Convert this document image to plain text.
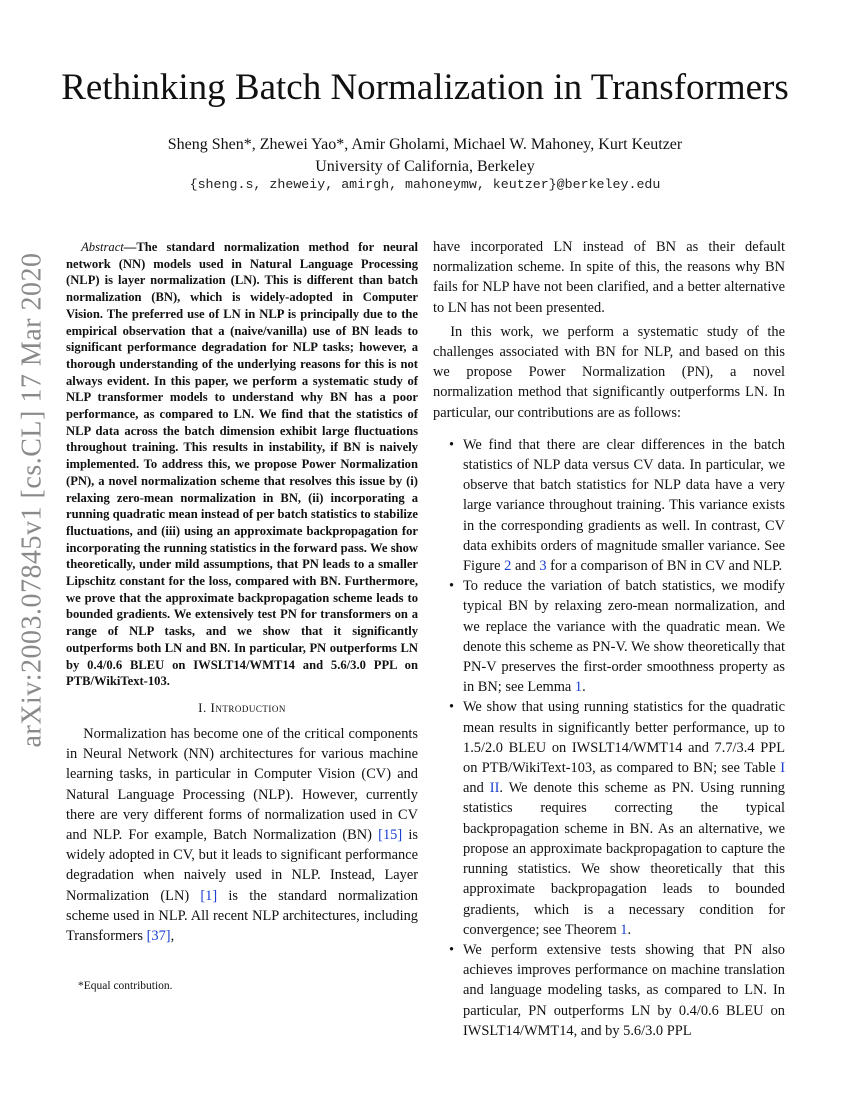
arXiv:2003.07845v1 [cs.CL] 17 Mar 2020
Rethinking Batch Normalization in Transformers
Sheng Shen*, Zhewei Yao*, Amir Gholami, Michael W. Mahoney, Kurt Keutzer
University of California, Berkeley
{sheng.s, zheweiy, amirgh, mahoneymw, keutzer}@berkeley.edu

Abstract—The standard normalization method for neural network (NN) models used in Natural Language Processing (NLP) is layer normalization (LN). This is different than batch normalization (BN), which is widely-adopted in Computer Vision. The preferred use of LN in NLP is principally due to the empirical observation that a (naive/vanilla) use of BN leads to significant performance degradation for NLP tasks; however, a thorough understanding of the underlying reasons for this is not always evident. In this paper, we perform a systematic study of NLP transformer models to understand why BN has a poor performance, as compared to LN. We find that the statistics of NLP data across the batch dimension exhibit large fluctuations throughout training. This results in instability, if BN is naively implemented. To address this, we propose Power Normalization (PN), a novel normalization scheme that resolves this issue by (i) relaxing zero-mean normalization in BN, (ii) incorporating a running quadratic mean instead of per batch statistics to stabilize fluctuations, and (iii) using an approximate backpropagation for incorporating the running statistics in the forward pass. We show theoretically, under mild assumptions, that PN leads to a smaller Lipschitz constant for the loss, compared with BN. Furthermore, we prove that the approximate backpropagation scheme leads to bounded gradients. We extensively test PN for transformers on a range of NLP tasks, and we show that it significantly outperforms both LN and BN. In particular, PN outperforms LN by 0.4/0.6 BLEU on IWSLT14/WMT14 and 5.6/3.0 PPL on PTB/WikiText-103.

I. Introduction

Normalization has become one of the critical components in Neural Network (NN) architectures for various machine learning tasks, in particular in Computer Vision (CV) and Natural Language Processing (NLP). However, currently there are very different forms of normalization used in CV and NLP. For example, Batch Normalization (BN) [15] is widely adopted in CV, but it leads to significant performance degradation when naively used in NLP. Instead, Layer Normalization (LN) [1] is the standard normalization scheme used in NLP. All recent NLP architectures, including Transformers [37],

*Equal contribution.

have incorporated LN instead of BN as their default normalization scheme. In spite of this, the reasons why BN fails for NLP have not been clarified, and a better alternative to LN has not been presented.

In this work, we perform a systematic study of the challenges associated with BN for NLP, and based on this we propose Power Normalization (PN), a novel normalization method that significantly outperforms LN. In particular, our contributions are as follows:

• We find that there are clear differences in the batch statistics of NLP data versus CV data. In particular, we observe that batch statistics for NLP data have a very large variance throughout training. This variance exists in the corresponding gradients as well. In contrast, CV data exhibits orders of magnitude smaller variance. See Figure 2 and 3 for a comparison of BN in CV and NLP.
• To reduce the variation of batch statistics, we modify typical BN by relaxing zero-mean normalization, and we replace the variance with the quadratic mean. We denote this scheme as PN-V. We show theoretically that PN-V preserves the first-order smoothness property as in BN; see Lemma 1.
• We show that using running statistics for the quadratic mean results in significantly better performance, up to 1.5/2.0 BLEU on IWSLT14/WMT14 and 7.7/3.4 PPL on PTB/WikiText-103, as compared to BN; see Table I and II. We denote this scheme as PN. Using running statistics requires correcting the typical backpropagation scheme in BN. As an alternative, we propose an approximate backpropagation to capture the running statistics. We show theoretically that this approximate backpropagation leads to bounded gradients, which is a necessary condition for convergence; see Theorem 1.
• We perform extensive tests showing that PN also achieves improves performance on machine translation and language modeling tasks, as compared to LN. In particular, PN outperforms LN by 0.4/0.6 BLEU on IWSLT14/WMT14, and by 5.6/3.0 PPL
